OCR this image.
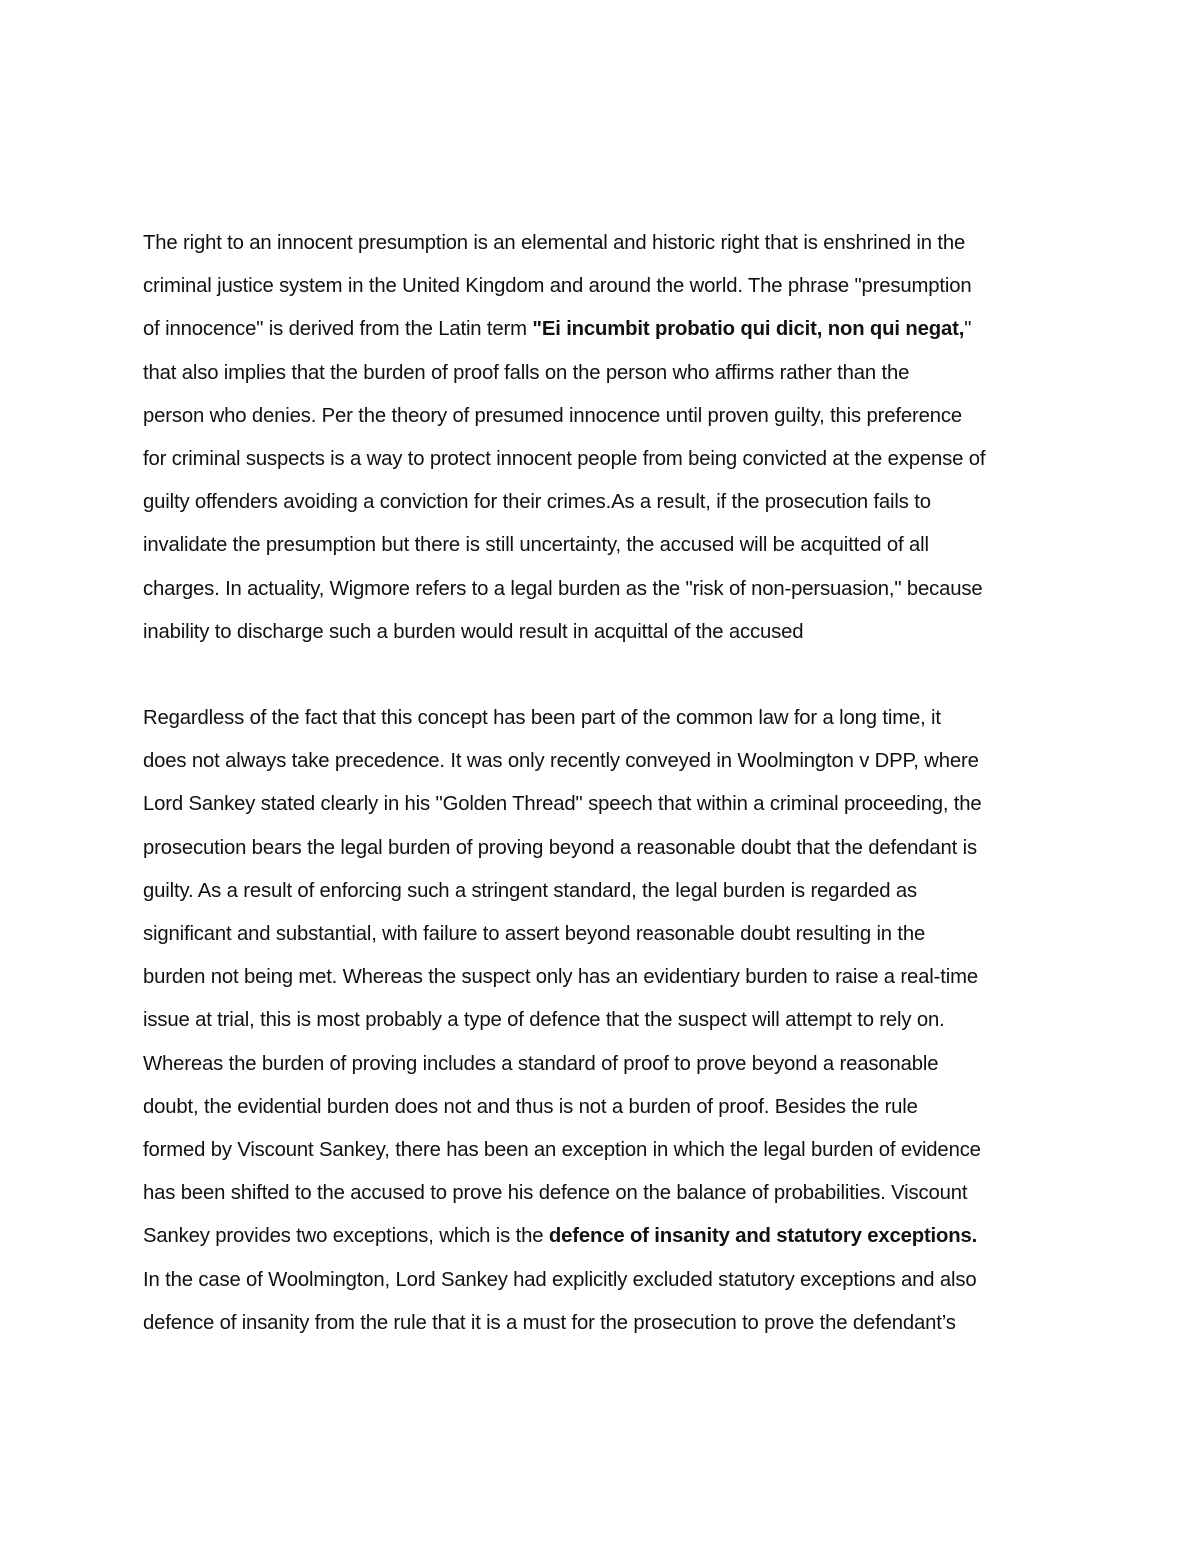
The right to an innocent presumption is an elemental and historic right that is enshrined in the
criminal justice system in the United Kingdom and around the world. The phrase "presumption
of innocence" is derived from the Latin term "Ei incumbit probatio qui dicit, non qui negat,"
that also implies that the burden of proof falls on the person who affirms rather than the
person who denies. Per the theory of presumed innocence until proven guilty, this preference
for criminal suspects is a way to protect innocent people from being convicted at the expense of
guilty offenders avoiding a conviction for their crimes.As a result, if the prosecution fails to
invalidate the presumption but there is still uncertainty, the accused will be acquitted of all
charges. In actuality, Wigmore refers to a legal burden as the "risk of non-persuasion," because
inability to discharge such a burden would result in acquittal of the accused
Regardless of the fact that this concept has been part of the common law for a long time, it
does not always take precedence. It was only recently conveyed in Woolmington v DPP, where
Lord Sankey stated clearly in his "Golden Thread" speech that within a criminal proceeding, the
prosecution bears the legal burden of proving beyond a reasonable doubt that the defendant is
guilty. As a result of enforcing such a stringent standard, the legal burden is regarded as
significant and substantial, with failure to assert beyond reasonable doubt resulting in the
burden not being met. Whereas the suspect only has an evidentiary burden to raise a real-time
issue at trial, this is most probably a type of defence that the suspect will attempt to rely on.
Whereas the burden of proving includes a standard of proof to prove beyond a reasonable
doubt, the evidential burden does not and thus is not a burden of proof. Besides the rule
formed by Viscount Sankey, there has been an exception in which the legal burden of evidence
has been shifted to the accused to prove his defence on the balance of probabilities. Viscount
Sankey provides two exceptions, which is the defence of insanity and statutory exceptions.
In the case of Woolmington, Lord Sankey had explicitly excluded statutory exceptions and also
defence of insanity from the rule that it is a must for the prosecution to prove the defendant’s
